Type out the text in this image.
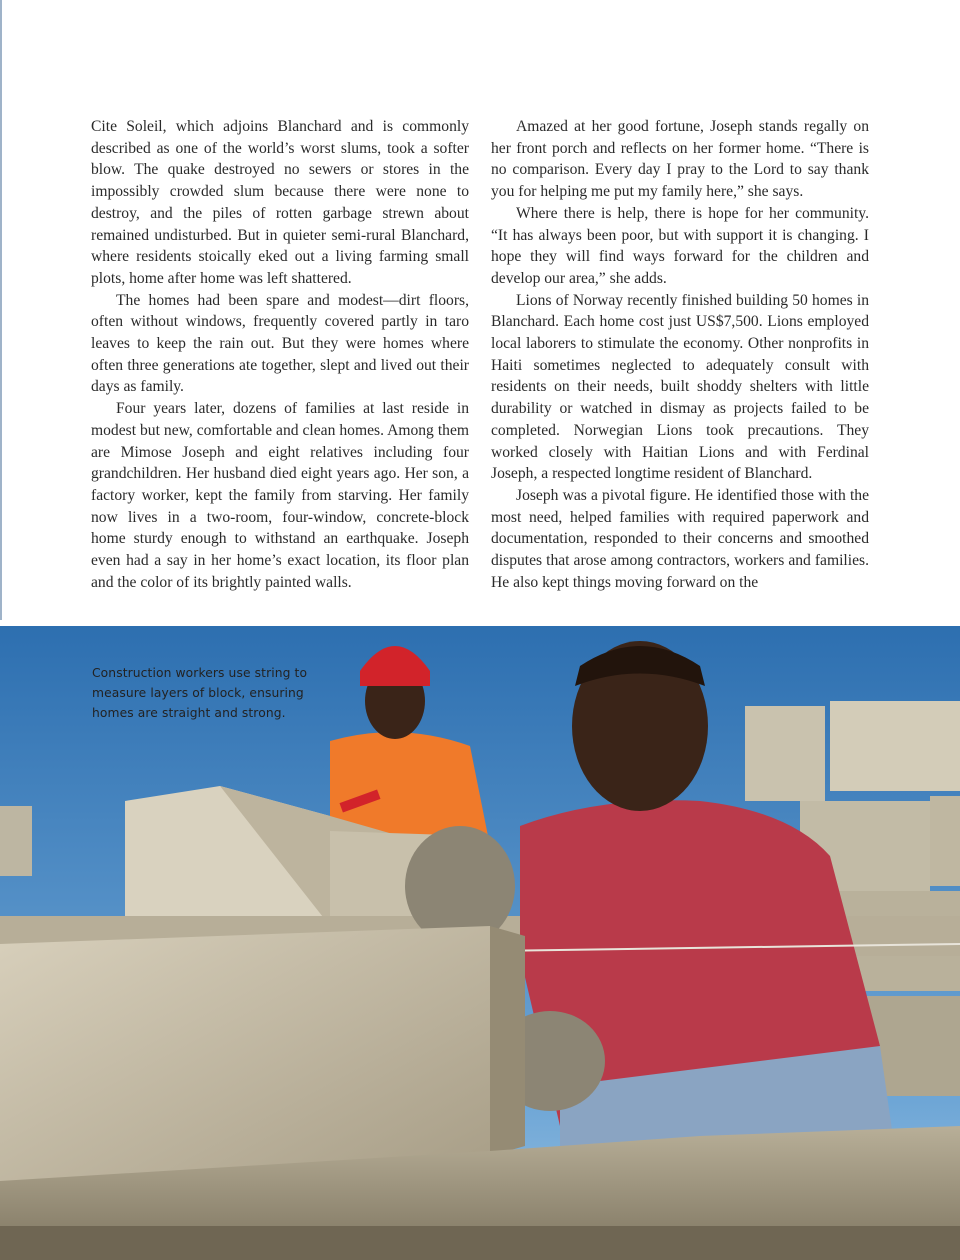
Cite Soleil, which adjoins Blanchard and is commonly described as one of the world’s worst slums, took a softer blow. The quake destroyed no sewers or stores in the impossibly crowded slum because there were none to destroy, and the piles of rotten garbage strewn about remained undisturbed. But in quieter semi-rural Blanchard, where residents stoically eked out a living farming small plots, home after home was left shattered.

The homes had been spare and modest—dirt floors, often without windows, frequently covered partly in taro leaves to keep the rain out. But they were homes where often three generations ate together, slept and lived out their days as family.

Four years later, dozens of families at last reside in modest but new, comfortable and clean homes. Among them are Mimose Joseph and eight relatives including four grandchildren. Her husband died eight years ago. Her son, a factory worker, kept the family from starving. Her family now lives in a two-room, four-window, concrete-block home sturdy enough to withstand an earthquake. Joseph even had a say in her home’s exact location, its floor plan and the color of its brightly painted walls.

Amazed at her good fortune, Joseph stands regally on her front porch and reflects on her former home. “There is no comparison. Every day I pray to the Lord to say thank you for helping me put my family here,” she says.

Where there is help, there is hope for her community. “It has always been poor, but with support it is changing. I hope they will find ways forward for the children and develop our area,” she adds.

Lions of Norway recently finished building 50 homes in Blanchard. Each home cost just US$7,500. Lions employed local laborers to stimulate the economy. Other nonprofits in Haiti sometimes neglected to adequately consult with residents on their needs, built shoddy shelters with little durability or watched in dismay as projects failed to be completed. Norwegian Lions took precautions. They worked closely with Haitian Lions and with Ferdinal Joseph, a respected longtime resident of Blanchard.

Joseph was a pivotal figure. He identified those with the most need, helped families with required paperwork and documentation, responded to their concerns and smoothed disputes that arose among contractors, workers and families. He also kept things moving forward on the

Construction workers use string to
measure layers of block, ensuring
homes are straight and strong.
